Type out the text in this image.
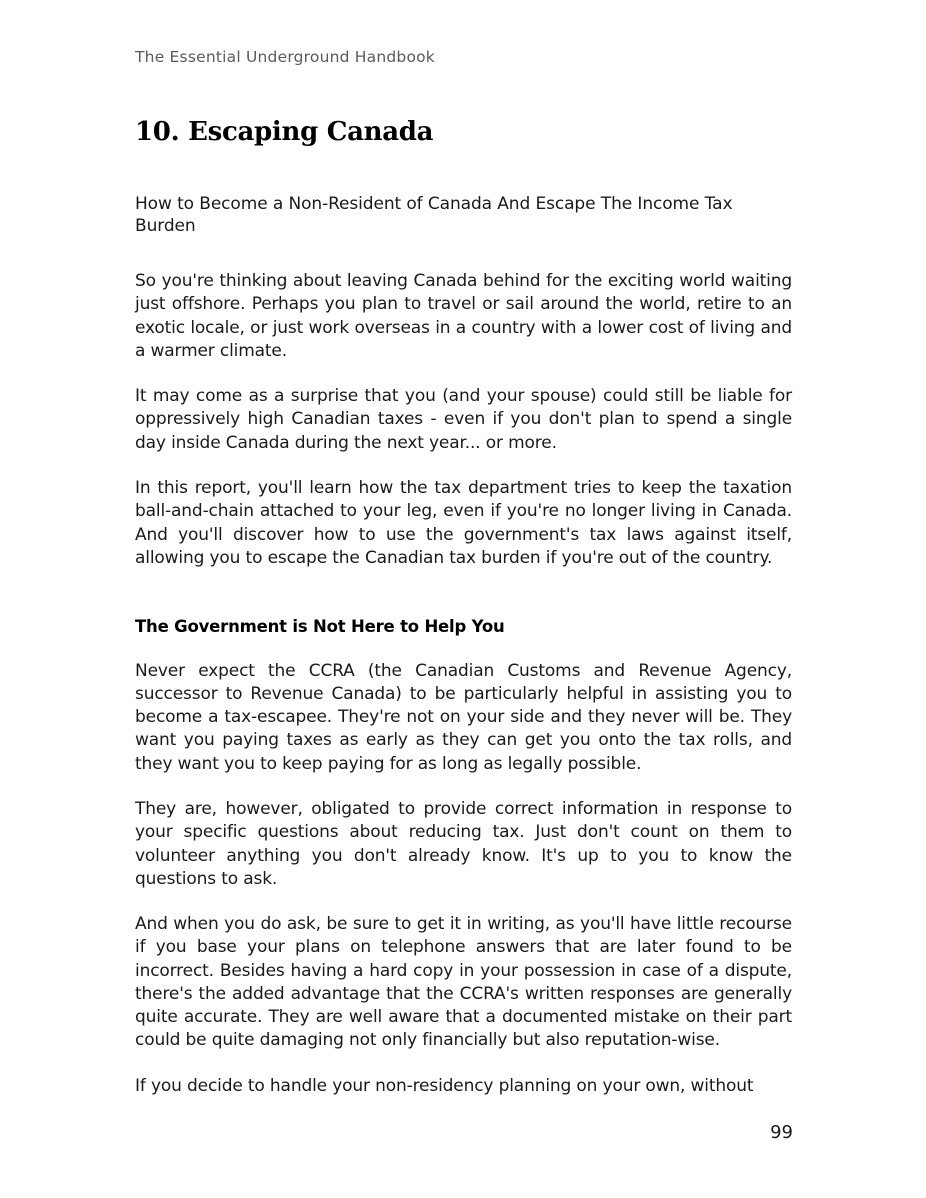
The Essential Underground Handbook
10. Escaping Canada
How to Become a Non-Resident of Canada And Escape The Income Tax Burden

So you're thinking about leaving Canada behind for the exciting world waiting just offshore. Perhaps you plan to travel or sail around the world, retire to an exotic locale, or just work overseas in a country with a lower cost of living and a warmer climate.

It may come as a surprise that you (and your spouse) could still be liable for oppressively high Canadian taxes - even if you don't plan to spend a single day inside Canada during the next year... or more.

In this report, you'll learn how the tax department tries to keep the taxation ball-and-chain attached to your leg, even if you're no longer living in Canada. And you'll discover how to use the government's tax laws against itself, allowing you to escape the Canadian tax burden if you're out of the country.

The Government is Not Here to Help You

Never expect the CCRA (the Canadian Customs and Revenue Agency, successor to Revenue Canada) to be particularly helpful in assisting you to become a tax-escapee. They're not on your side and they never will be. They want you paying taxes as early as they can get you onto the tax rolls, and they want you to keep paying for as long as legally possible.

They are, however, obligated to provide correct information in response to your specific questions about reducing tax. Just don't count on them to volunteer anything you don't already know. It's up to you to know the questions to ask.

And when you do ask, be sure to get it in writing, as you'll have little recourse if you base your plans on telephone answers that are later found to be incorrect. Besides having a hard copy in your possession in case of a dispute, there's the added advantage that the CCRA's written responses are generally quite accurate. They are well aware that a documented mistake on their part could be quite damaging not only financially but also reputation-wise.

If you decide to handle your non-residency planning on your own, without

99
